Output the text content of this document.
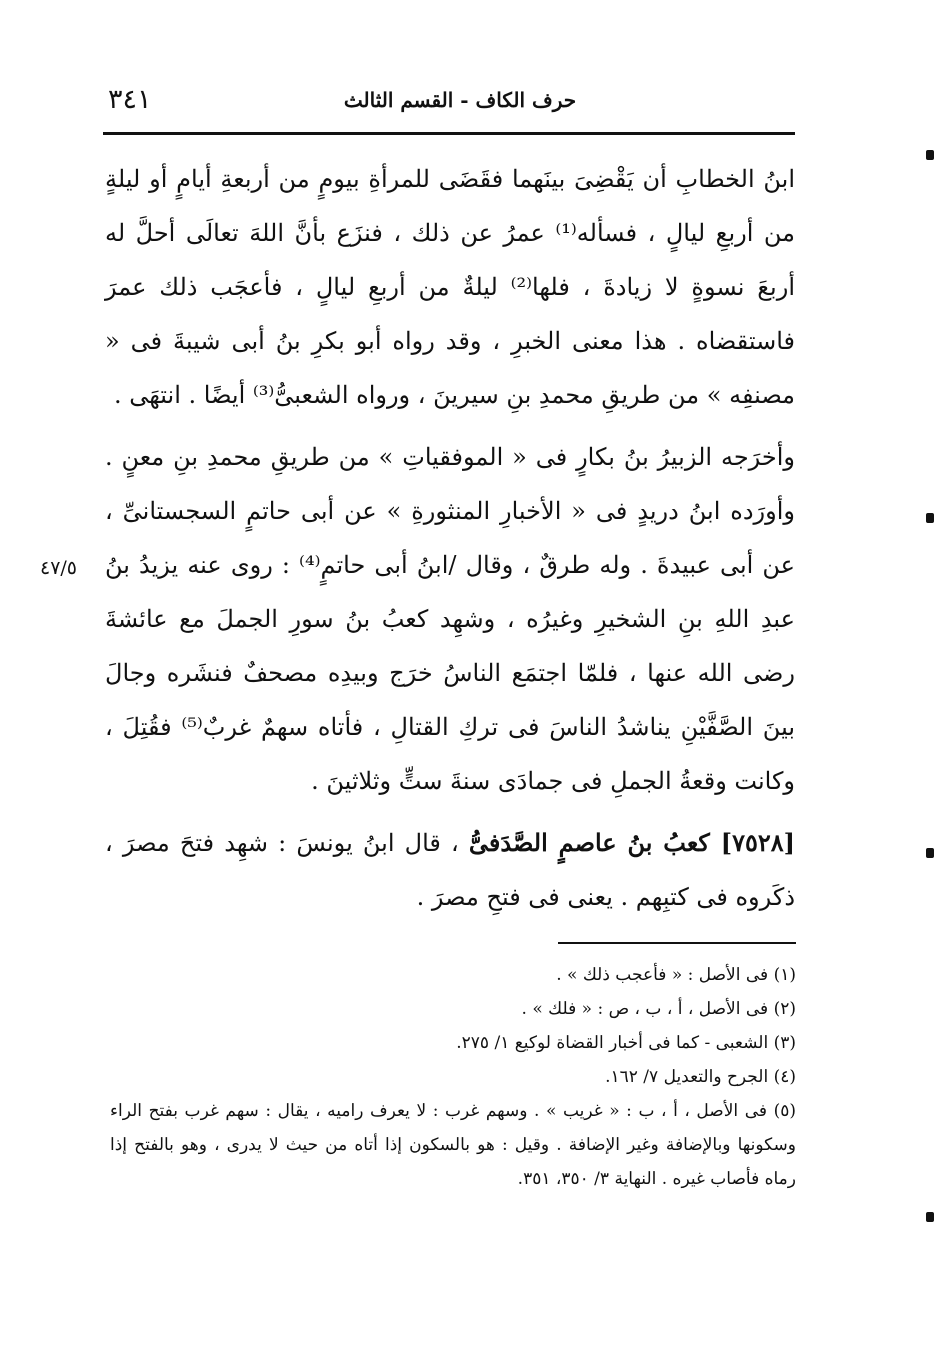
٣٤١	حرف الكاف - القسم الثالث
٤٧/٥

ابنُ الخطابِ أن يَقْضِىَ بينَهما فقَضَى للمرأةِ بيومٍ من أربعةِ أيامٍ أو ليلةٍ من أربعِ ليالٍ ، فسأله⁽¹⁾ عمرُ عن ذلك ، فنزَع بأنَّ اللهَ تعالَى أحلَّ له أربعَ نسوةٍ لا زيادةَ ، فلها⁽²⁾ ليلةٌ من أربعِ ليالٍ ، فأعجَب ذلك عمرَ فاستقضاه . هذا معنى الخبرِ ، وقد رواه أبو بكرِ بنُ أبى شيبةَ فى « مصنفِه » من طريقِ محمدِ بنِ سيرينَ ، ورواه الشعبىُّ⁽³⁾ أيضًا . انتهَى .

وأخرَجه الزبيرُ بنُ بكارٍ فى « الموفقياتِ » من طريقِ محمدِ بنِ معنٍ . وأورَده ابنُ دريدٍ فى « الأخبارِ المنثورةِ » عن أبى حاتمٍ السجستانىِّ ، عن أبى عبيدةَ . وله طرقٌ ، وقال /ابنُ أبى حاتمٍ⁽⁴⁾ : روى عنه يزيدُ بنُ عبدِ اللهِ بنِ الشخيرِ وغيرُه ، وشهِد كعبُ بنُ سورِ الجملَ مع عائشةَ رضى الله عنها ، فلمّا اجتمَع الناسُ خرَج وبيدِه مصحفٌ فنشَره وجالَ بينَ الصَّفَّيْنِ يناشدُ الناسَ فى تركِ القتالِ ، فأتاه سهمٌ غربٌ⁽⁵⁾ فقُتِلَ ، وكانت وقعةُ الجملِ فى جمادَى سنةَ ستٍّ وثلاثينَ .

[٧٥٢٨] كعبُ بنُ عاصمٍ الصَّدَفىُّ ، قال ابنُ يونسَ : شهِد فتحَ مصرَ ، ذكَروه فى كتبِهم . يعنى فى فتحِ مصرَ .

(١) فى الأصل : « فأعجب ذلك » .

(٢) فى الأصل ، أ ، ب ، ص : « فلك » .

(٣) الشعبى - كما فى أخبار القضاة لوكيع ١/ ٢٧٥.

(٤) الجرح والتعديل ٧/ ١٦٢.

(٥) فى الأصل ، أ ، ب : « غريب » . وسهم غرب : لا يعرف راميه ، يقال : سهم غرب بفتح الراء وسكونها وبالإضافة وغير الإضافة . وقيل : هو بالسكون إذا أتاه من حيث لا يدرى ، وهو بالفتح إذا رماه فأصاب غيره . النهاية ٣/ ٣٥٠، ٣٥١.
